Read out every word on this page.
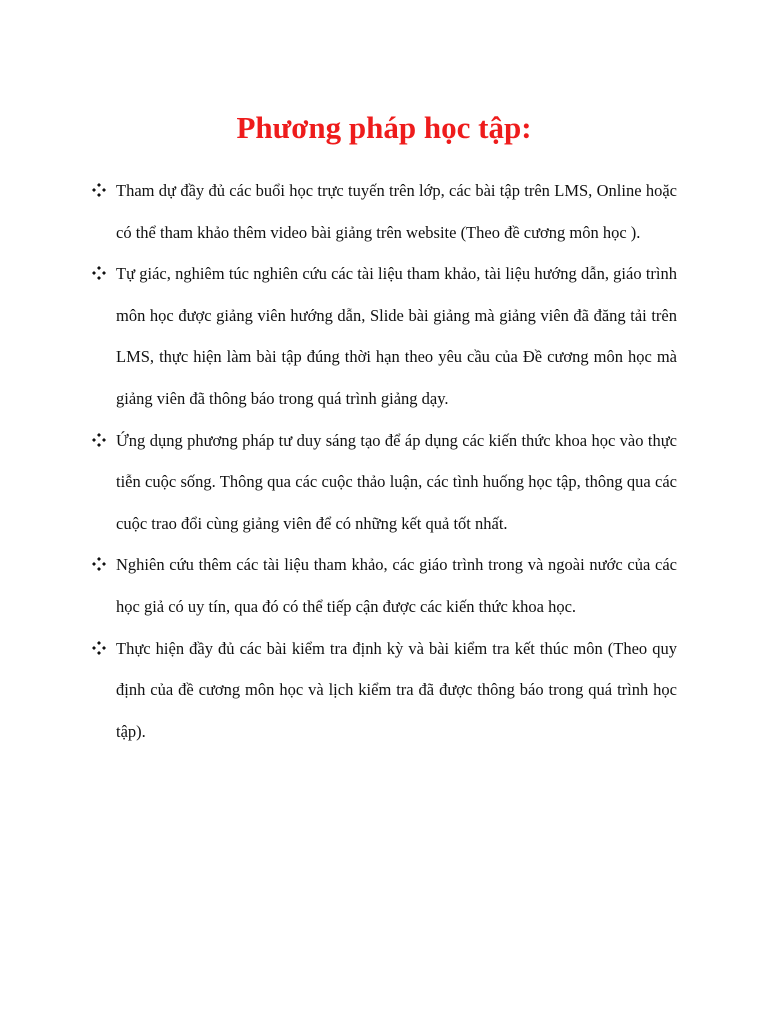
Phương pháp học tập:
Tham dự đầy đủ các buổi học trực tuyến trên lớp, các bài tập trên LMS, Online hoặc có thể tham khảo thêm video bài giảng trên website (Theo đề cương môn học ).
Tự giác, nghiêm túc nghiên cứu các tài liệu tham khảo, tài liệu hướng dẫn, giáo trình môn học được giảng viên hướng dẫn, Slide bài giảng mà giảng viên đã đăng tải trên LMS, thực hiện làm bài tập đúng thời hạn theo yêu cầu của Đề cương môn học mà giảng viên đã thông báo trong quá trình giảng dạy.
Ứng dụng phương pháp tư duy sáng tạo để áp dụng các kiến thức khoa học vào thực tiễn cuộc sống. Thông qua các cuộc thảo luận, các tình huống học tập, thông qua các cuộc trao đổi cùng giảng viên để có những kết quả tốt nhất.
Nghiên cứu thêm các tài liệu tham khảo, các giáo trình trong và ngoài nước của các học giả có uy tín, qua đó có thể tiếp cận được các kiến thức khoa học.
Thực hiện đầy đủ các bài kiểm tra định kỳ và bài kiểm tra kết thúc môn (Theo quy định của đề cương môn học và lịch kiểm tra đã được thông báo trong quá trình học tập).
